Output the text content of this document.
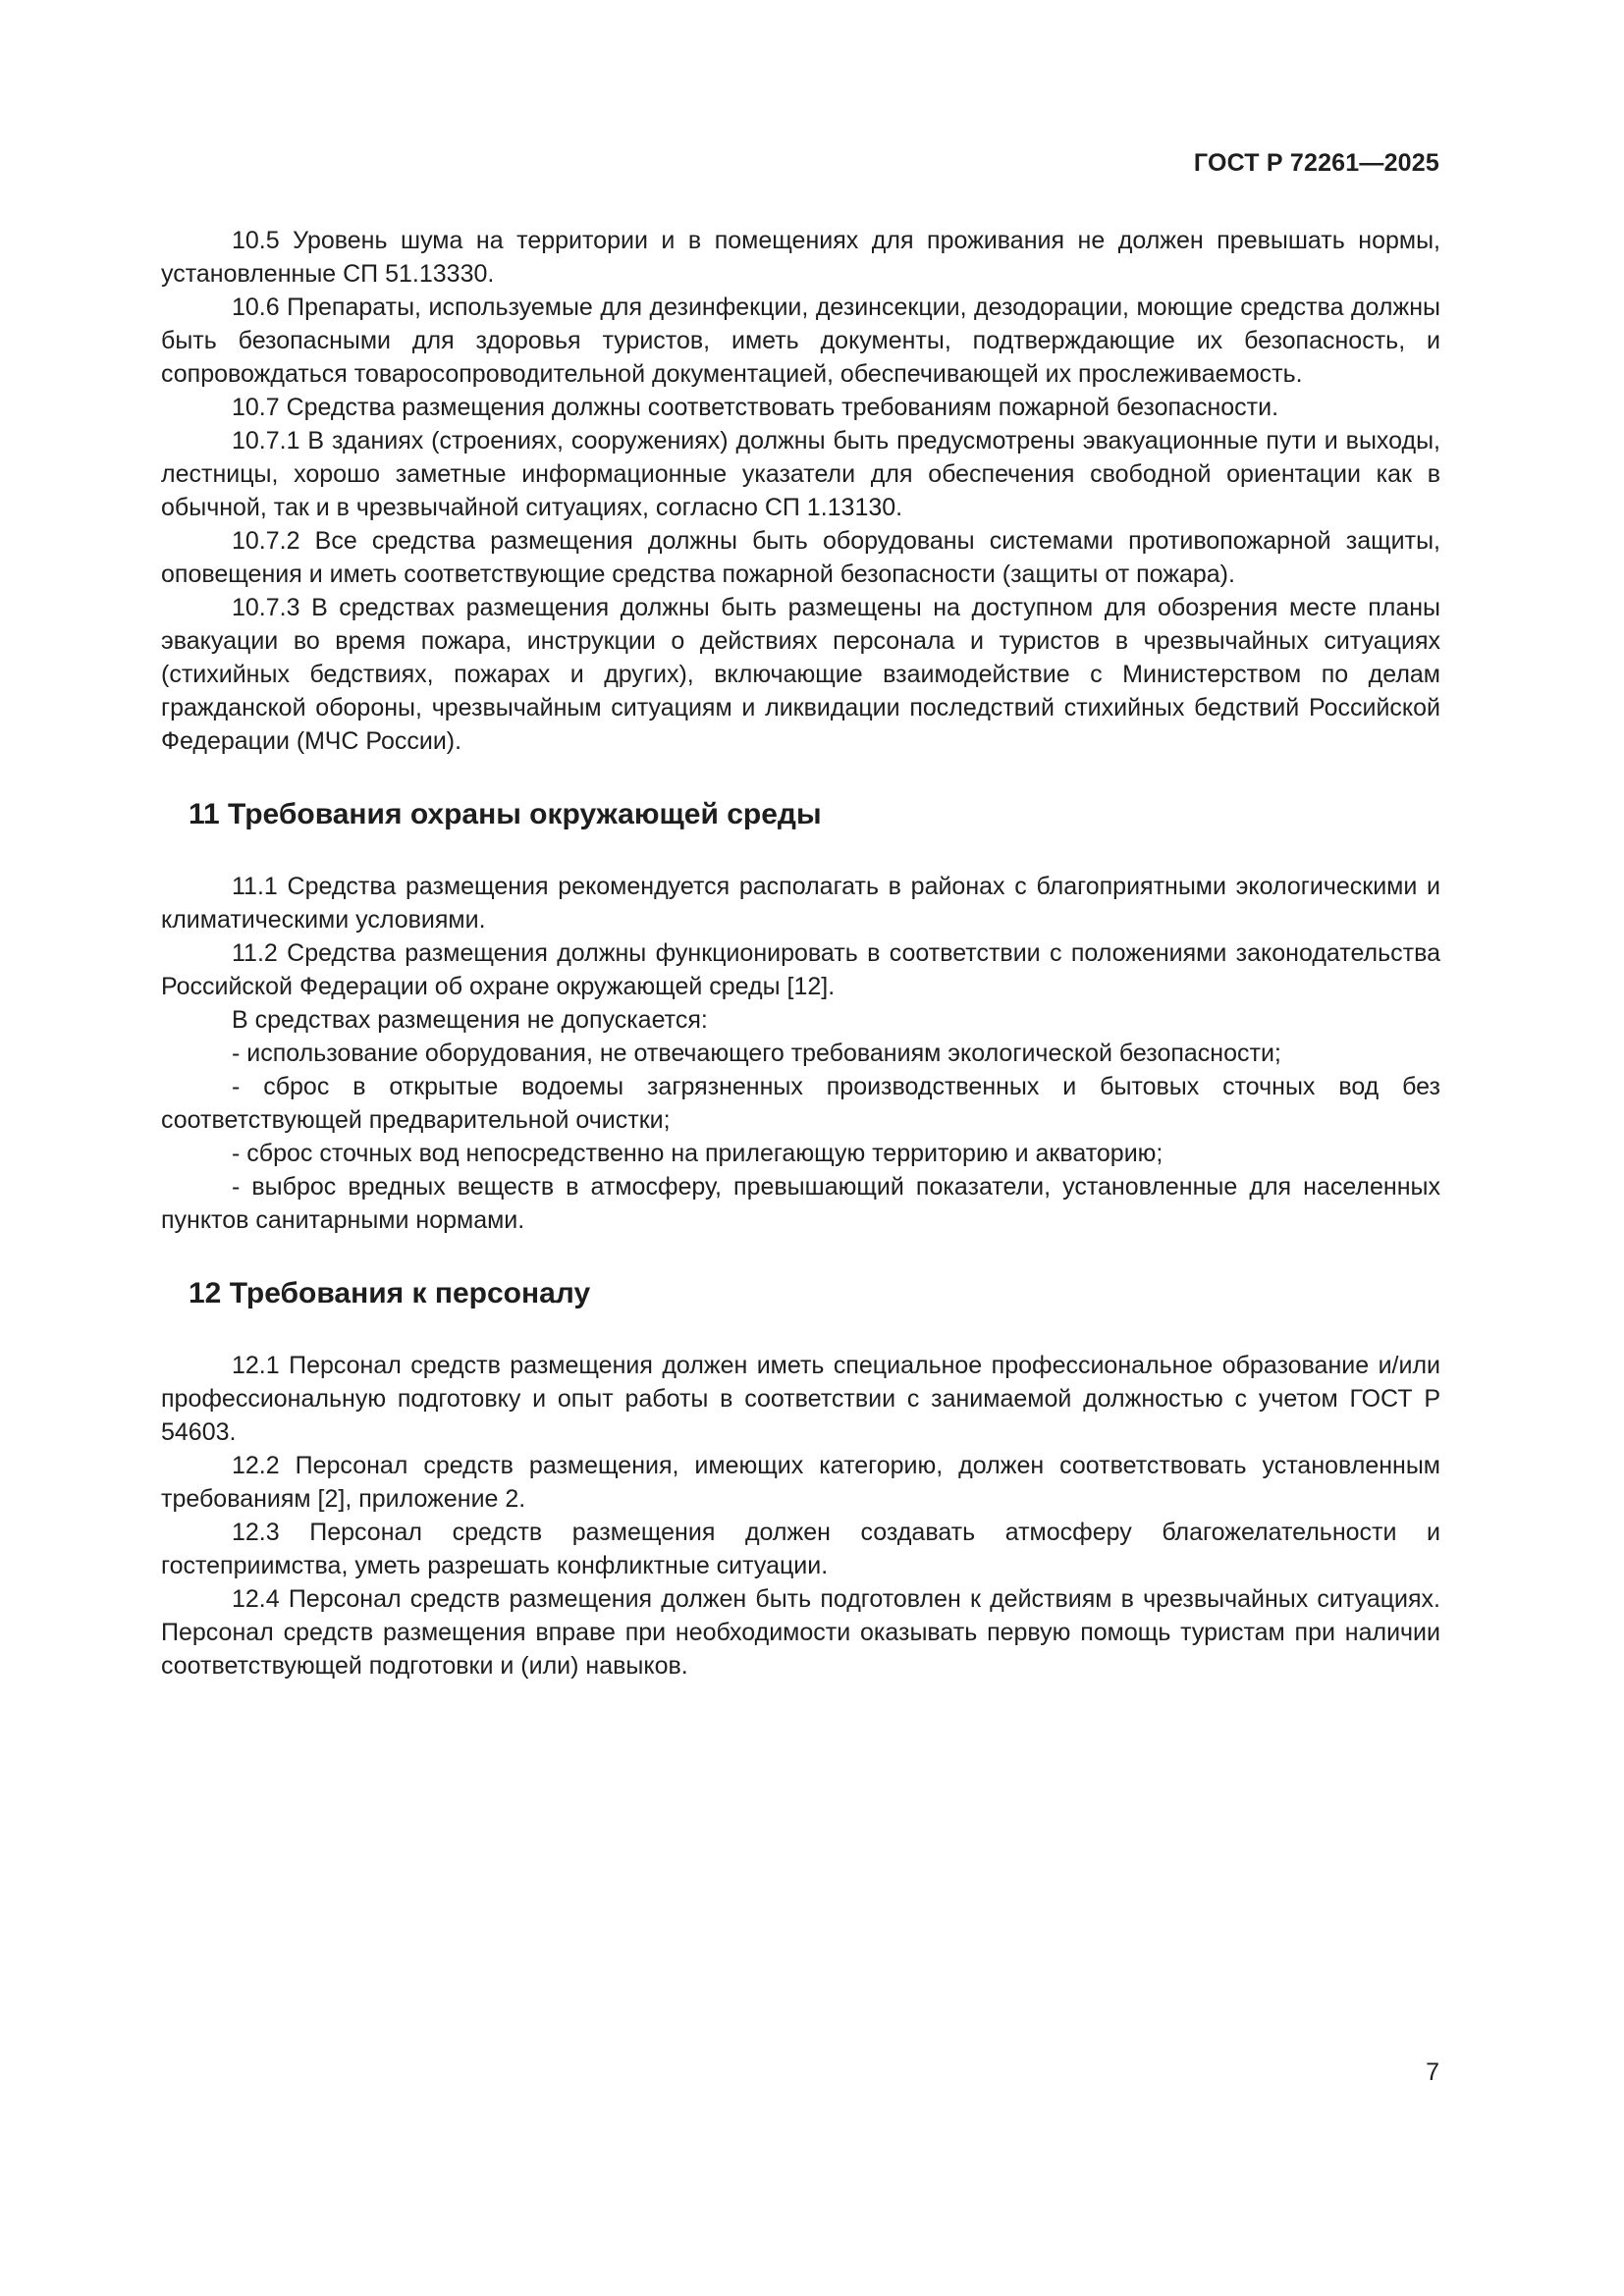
ГОСТ Р 72261—2025

10.5 Уровень шума на территории и в помещениях для проживания не должен превышать нормы, установленные СП 51.13330.

10.6 Препараты, используемые для дезинфекции, дезинсекции, дезодорации, моющие средства должны быть безопасными для здоровья туристов, иметь документы, подтверждающие их безопасность, и сопровождаться товаросопроводительной документацией, обеспечивающей их прослеживаемость.

10.7 Средства размещения должны соответствовать требованиям пожарной безопасности.

10.7.1 В зданиях (строениях, сооружениях) должны быть предусмотрены эвакуационные пути и выходы, лестницы, хорошо заметные информационные указатели для обеспечения свободной ориентации как в обычной, так и в чрезвычайной ситуациях, согласно СП 1.13130.

10.7.2 Все средства размещения должны быть оборудованы системами противопожарной защиты, оповещения и иметь соответствующие средства пожарной безопасности (защиты от пожара).

10.7.3 В средствах размещения должны быть размещены на доступном для обозрения месте планы эвакуации во время пожара, инструкции о действиях персонала и туристов в чрезвычайных ситуациях (стихийных бедствиях, пожарах и других), включающие взаимодействие с Министерством по делам гражданской обороны, чрезвычайным ситуациям и ликвидации последствий стихийных бедствий Российской Федерации (МЧС России).

11 Требования охраны окружающей среды

11.1 Средства размещения рекомендуется располагать в районах с благоприятными экологическими и климатическими условиями.

11.2 Средства размещения должны функционировать в соответствии с положениями законодательства Российской Федерации об охране окружающей среды [12].

В средствах размещения не допускается:

- использование оборудования, не отвечающего требованиям экологической безопасности;

- сброс в открытые водоемы загрязненных производственных и бытовых сточных вод без соответствующей предварительной очистки;

- сброс сточных вод непосредственно на прилегающую территорию и акваторию;

- выброс вредных веществ в атмосферу, превышающий показатели, установленные для населенных пунктов санитарными нормами.

12 Требования к персоналу

12.1 Персонал средств размещения должен иметь специальное профессиональное образование и/или профессиональную подготовку и опыт работы в соответствии с занимаемой должностью с учетом ГОСТ Р 54603.

12.2 Персонал средств размещения, имеющих категорию, должен соответствовать установленным требованиям [2], приложение 2.

12.3 Персонал средств размещения должен создавать атмосферу благожелательности и гостеприимства, уметь разрешать конфликтные ситуации.

12.4 Персонал средств размещения должен быть подготовлен к действиям в чрезвычайных ситуациях. Персонал средств размещения вправе при необходимости оказывать первую помощь туристам при наличии соответствующей подготовки и (или) навыков.

7
